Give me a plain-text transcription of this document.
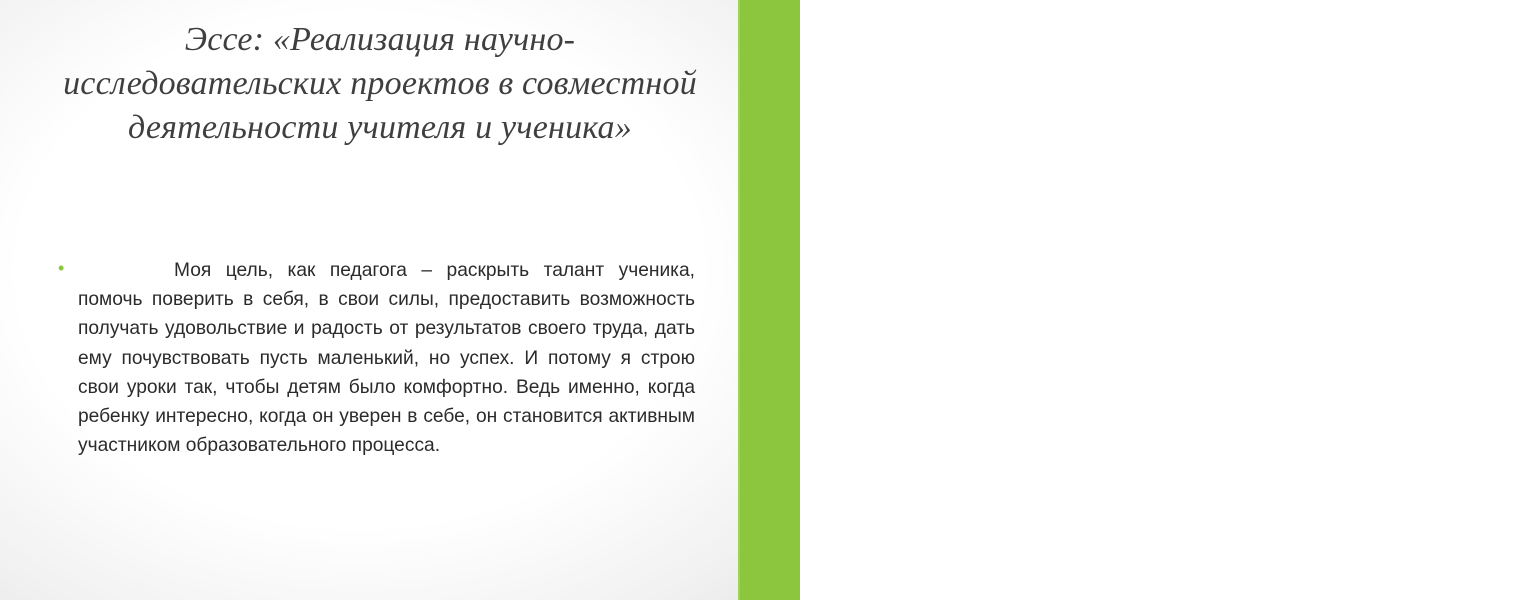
2
Эссе: «Реализация научно-исследовательских проектов в совместной деятельности учителя и ученика»
•	Моя цель, как педагога – раскрыть талант ученика, помочь поверить в себя, в свои силы, предоставить возможность получать удовольствие и радость от результатов своего труда, дать ему почувствовать пусть маленький, но успех. И потому я строю свои уроки так, чтобы детям было комфортно. Ведь именно, когда ребенку интересно, когда он уверен в себе, он становится активным участником образовательного процесса.
